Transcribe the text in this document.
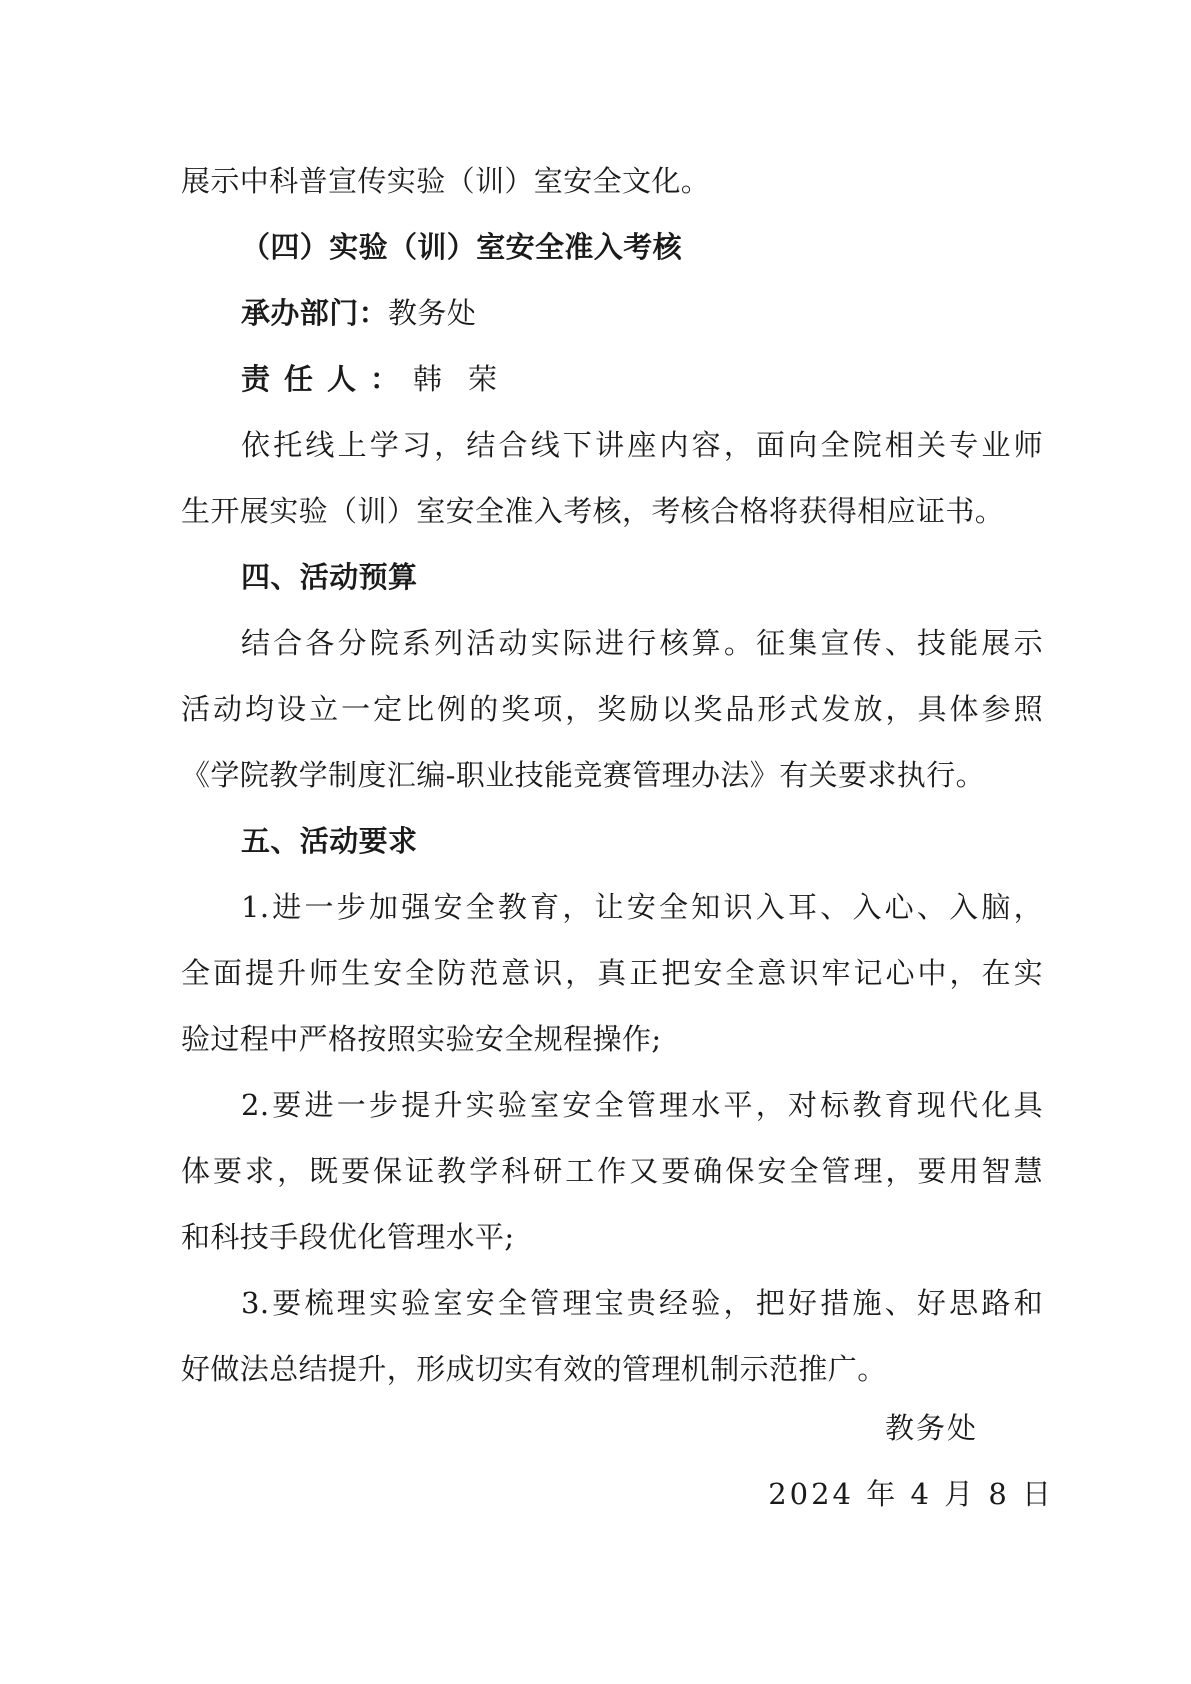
展示中科普宣传实验（训）室安全文化。
（四）实验（训）室安全准入考核
承办部门：教务处
责任人：韩荣
依托线上学习，结合线下讲座内容，面向全院相关专业师
生开展实验（训）室安全准入考核，考核合格将获得相应证书。
四、活动预算
结合各分院系列活动实际进行核算。征集宣传、技能展示
活动均设立一定比例的奖项，奖励以奖品形式发放，具体参照
《学院教学制度汇编-职业技能竞赛管理办法》有关要求执行。
五、活动要求
1.进一步加强安全教育，让安全知识入耳、入心、入脑，
全面提升师生安全防范意识，真正把安全意识牢记心中，在实
验过程中严格按照实验安全规程操作;
2.要进一步提升实验室安全管理水平，对标教育现代化具
体要求，既要保证教学科研工作又要确保安全管理，要用智慧
和科技手段优化管理水平;
3.要梳理实验室安全管理宝贵经验，把好措施、好思路和
好做法总结提升，形成切实有效的管理机制示范推广。
教务处
2024 年 4 月 8 日
